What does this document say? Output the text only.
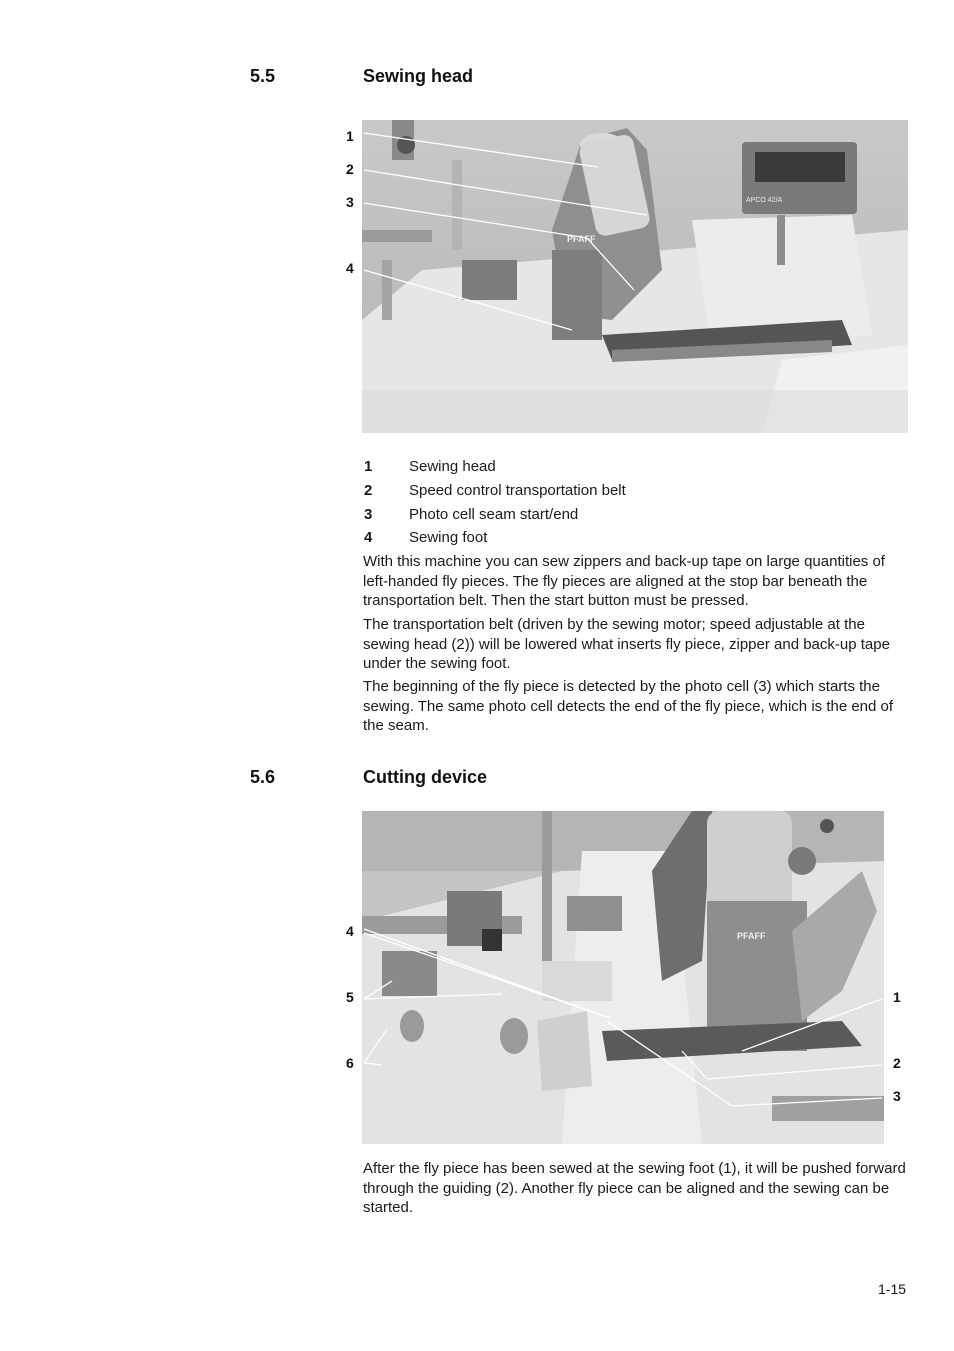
5.5	Sewing head
1
2
3
4
APCO 42/A
PFAFF
1 Sewing head
2 Speed control transportation belt
3 Photo cell seam start/end
4 Sewing foot

With this machine you can sew zippers and back-up tape on large quantities of left-handed fly pieces. The fly pieces are aligned at the stop bar beneath the transportation belt. Then the start button must be pressed.

The transportation belt (driven by the sewing motor; speed adjustable at the sewing head (2)) will be lowered what inserts fly piece, zipper and back-up tape under the sewing foot.

The beginning of the fly piece is detected by the photo cell (3) which starts the sewing. The same photo cell detects the end of the fly piece, which is the end of the seam.

5.6	Cutting device
4
5
6
1
2
3
PFAFF

After the fly piece has been sewed at the sewing foot (1), it will be pushed forward through the guiding (2). Another fly piece can be aligned and the sewing can be started.

1-15
